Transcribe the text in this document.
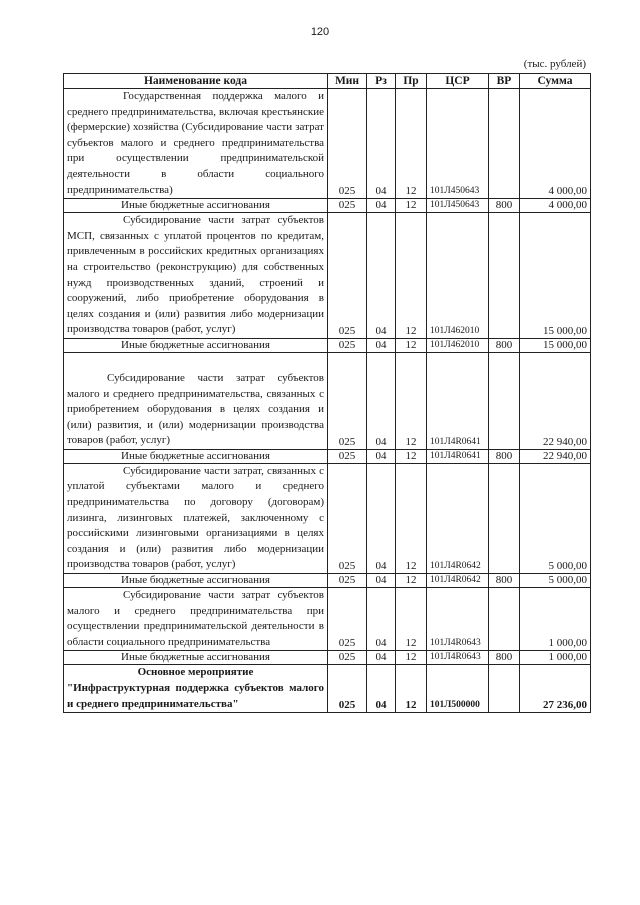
120
(тыс. рублей)
Наименование кода	Мин	Рз	Пр	ЦСР	ВР	Сумма

Государственная поддержка малого и среднего предпринимательства, включая крестьянские (фермерские) хозяйства (Субсидирование части затрат субъектов малого и среднего предпринимательства при осуществлении предпринимательской деятельности в области социального предпринимательства)	025	04	12	101Л450643		4 000,00
Иные бюджетные ассигнования	025	04	12	101Л450643	800	4 000,00

Субсидирование части затрат субъектов МСП, связанных с уплатой процентов по кредитам, привлеченным в российских кредитных организациях на строительство (реконструкцию) для собственных нужд производственных зданий, строений и сооружений, либо приобретение оборудования в целях создания и (или) развития либо модернизации производства товаров (работ, услуг)	025	04	12	101Л462010		15 000,00
Иные бюджетные ассигнования	025	04	12	101Л462010	800	15 000,00

Субсидирование части затрат субъектов малого и среднего предпринимательства, связанных с приобретением оборудования в целях создания и (или) развития, и (или) модернизации производства товаров (работ, услуг)	025	04	12	101Л4R0641		22 940,00
Иные бюджетные ассигнования	025	04	12	101Л4R0641	800	22 940,00

Субсидирование части затрат, связанных с уплатой субъектами малого и среднего предпринимательства по договору (договорам) лизинга, лизинговых платежей, заключенному с российскими лизинговыми организациями в целях создания и (или) развития либо модернизации производства товаров (работ, услуг)	025	04	12	101Л4R0642		5 000,00
Иные бюджетные ассигнования	025	04	12	101Л4R0642	800	5 000,00

Субсидирование части затрат субъектов малого и среднего предпринимательства при осуществлении предпринимательской деятельности в области социального предпринимательства	025	04	12	101Л4R0643		1 000,00
Иные бюджетные ассигнования	025	04	12	101Л4R0643	800	1 000,00

Основное мероприятие
"Инфраструктурная поддержка субъектов малого и среднего предпринимательства"	025	04	12	101Л500000		27 236,00
